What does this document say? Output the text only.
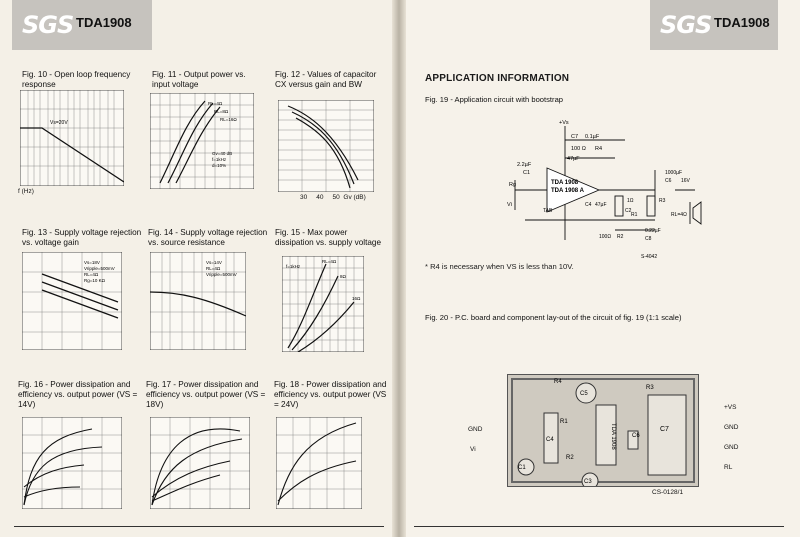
SGS TDA1908	SGS TDA1908
Fig. 10 - Open loop frequency response
Vs=20V
f (Hz)
Fig. 11 - Output power vs. input voltage
RL=4Ω
RL=8Ω
RL=16Ω
Gv=40 dB
f=1kHz
d=10%
Fig. 12 - Values of capacitor CX versus gain and BW
30 40 50 Gv (dB)
Fig. 13 - Supply voltage rejection vs. voltage gain
Vs=18V
Vripple=500mV
RL=4Ω
Rg=10 KΩ
Fig. 14 - Supply voltage rejection vs. source resistance
Vs=14V
RL=4Ω
Vripple=500mV
Fig. 15 - Max power dissipation vs. supply voltage
RL=4Ω
8Ω
16Ω
f=1kHz
Fig. 16 - Power dissipation and efficiency vs. output power (VS = 14V)
Fig. 17 - Power dissipation and efficiency vs. output power (VS = 18V)
Fig. 18 - Power dissipation and efficiency vs. output power (VS = 24V)
APPLICATION INFORMATION
Fig. 19 - Application circuit with bootstrap
47µF
+Vs
C7 0.1µF
100 Ω R4
2.2µF
C1
Rg
Vi
TDA 1908
TDA 1908 A
TAB
C4 47µF
C2
1000µF
C6 16V
1Ω	R3
R1	RL=4Ω
0.22µF
C8
100Ω R2
S-4042
* R4 is necessary when VS is less than 10V.
Fig. 20 - P.C. board and component lay-out of the circuit of fig. 19 (1:1 scale)
R4
C5
R3
R1
C4	TDA 1908	C6
C7
R2
C1
C3
GND
Vi
+VS
GND
GND
RL
CS-0128/1
